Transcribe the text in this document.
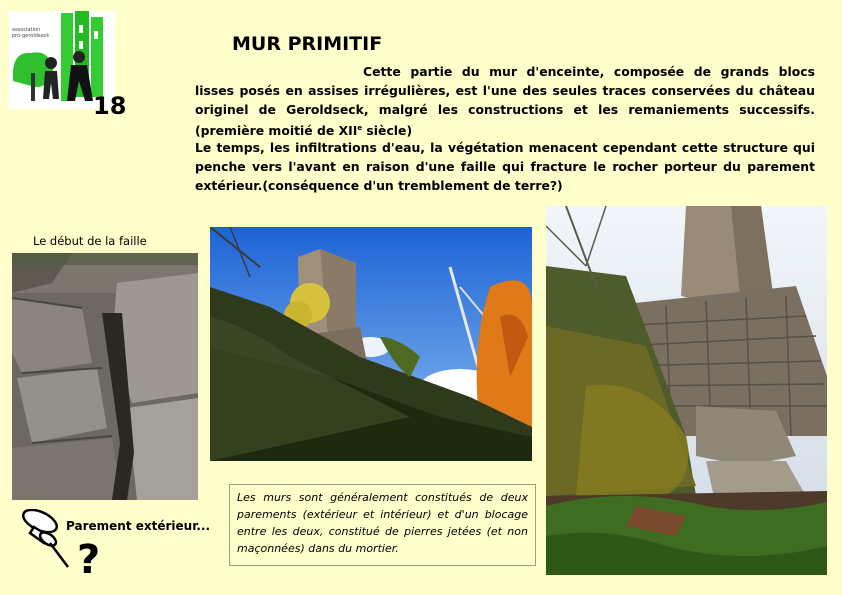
association
pro-geroldseck
18
MUR PRIMITIF
Cette partie du mur d'enceinte, composée de grands blocs lisses posés en assises irrégulières, est l'une des seules traces conservées du château originel de Geroldseck, malgré les constructions et les remaniements successifs. (première moitié de XIIe siècle)
Le temps, les infiltrations d'eau, la végétation menacent cependant cette structure qui penche vers l'avant en raison d'une faille qui fracture le rocher porteur du parement extérieur.(conséquence d'un tremblement de terre?)
Le début de la faille
Les murs sont généralement constitués de deux parements (extérieur et intérieur) et d'un blocage entre les deux, constitué de pierres jetées (et non maçonnées) dans du mortier.
Parement extérieur...
?
